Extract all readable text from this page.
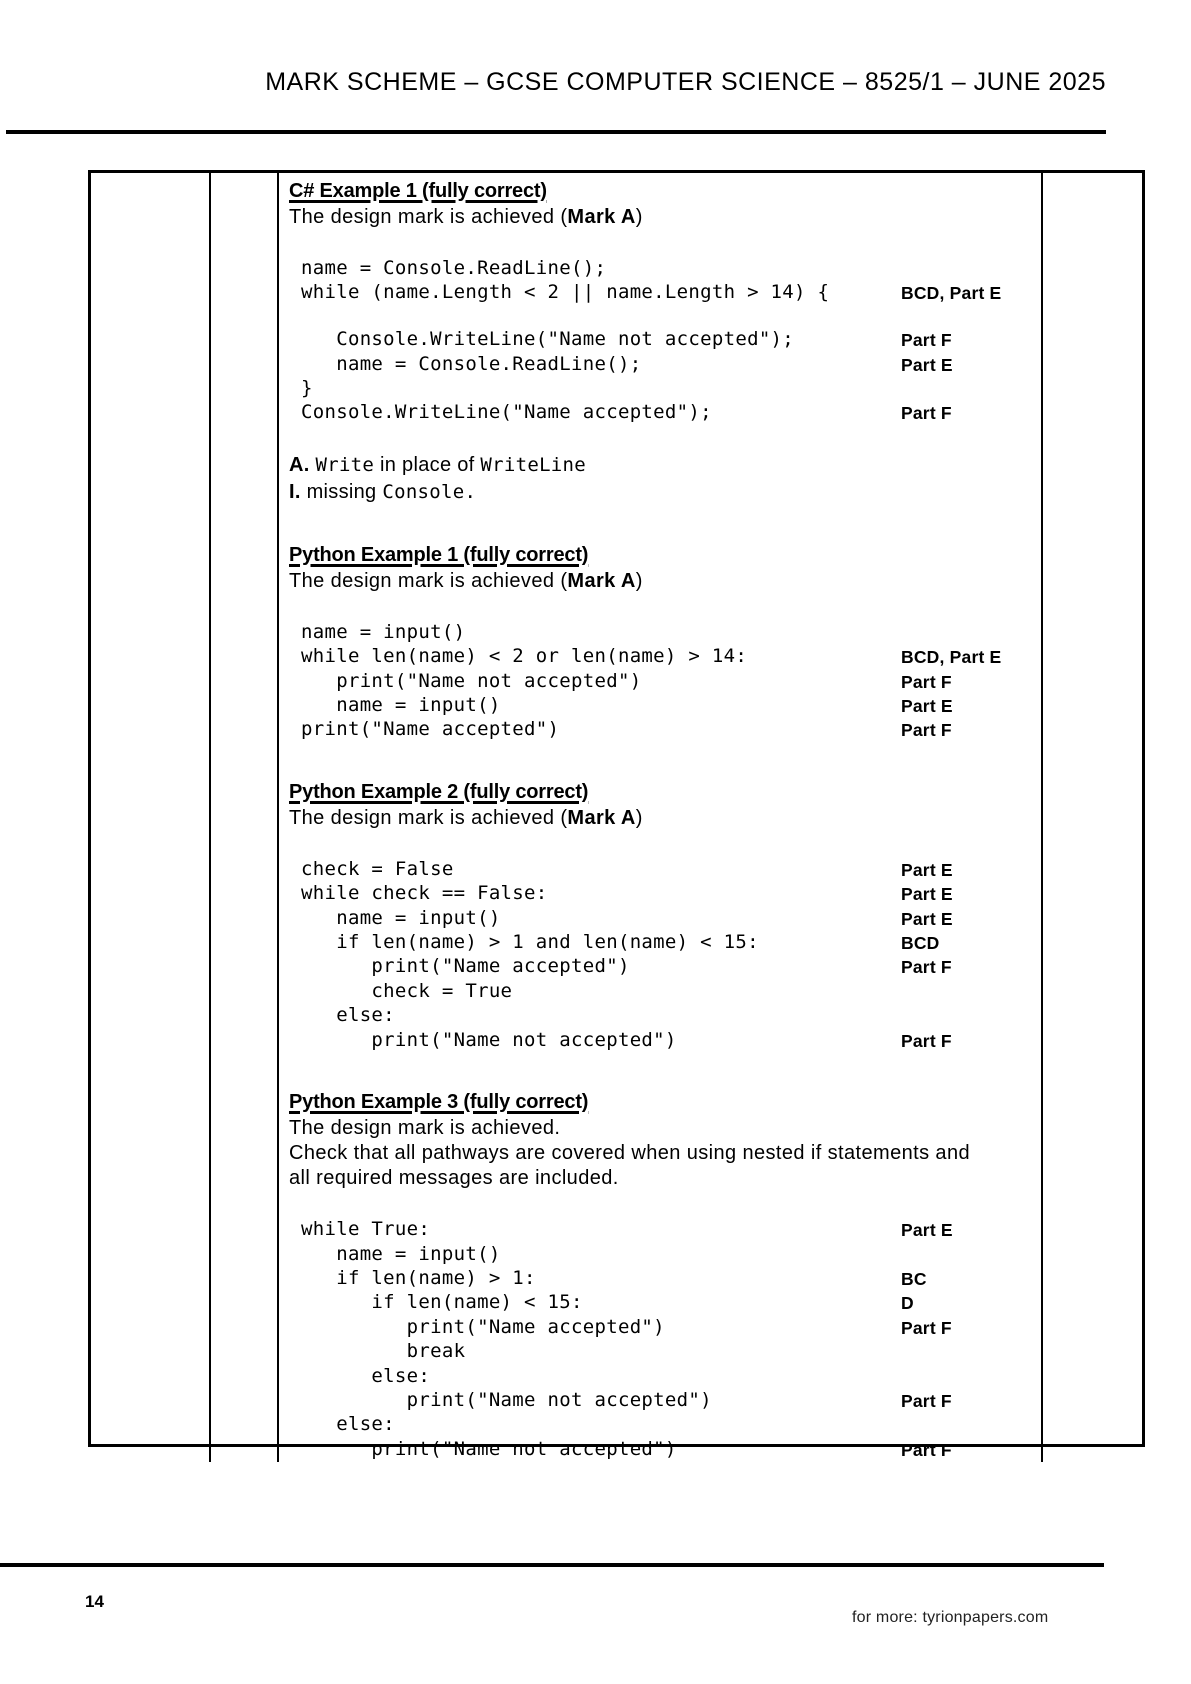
MARK SCHEME – GCSE COMPUTER SCIENCE – 8525/1 – JUNE 2025
C# Example 1 (fully correct)

The design mark is achieved (Mark A)

name = Console.ReadLine();
while (name.Length < 2 || name.Length > 14) {	BCD, Part E
Console.WriteLine("Name not accepted");	Part F
name = Console.ReadLine();	Part E
}
Console.WriteLine("Name accepted");	Part F
A. Write in place of WriteLine
I. missing Console.
Python Example 1 (fully correct)

The design mark is achieved (Mark A)

name = input()
while len(name) < 2 or len(name) > 14:	BCD, Part E
print("Name not accepted")	Part F
name = input()	Part E
print("Name accepted")	Part F
Python Example 2 (fully correct)

The design mark is achieved (Mark A)

check = False	Part E
while check == False:	Part E
name = input()	Part E
if len(name) > 1 and len(name) < 15:	BCD
print("Name accepted")	Part F
check = True
else:
print("Name not accepted")	Part F
Python Example 3 (fully correct)
The design mark is achieved.
Check that all pathways are covered when using nested if statements and
all required messages are included.
while True:	Part E
name = input()
if len(name) > 1:	BC
if len(name) < 15:	D
print("Name accepted")	Part F
break
else:
print("Name not accepted")	Part F
else:
print("Name not accepted")	Part F
14
for more: tyrionpapers.com
